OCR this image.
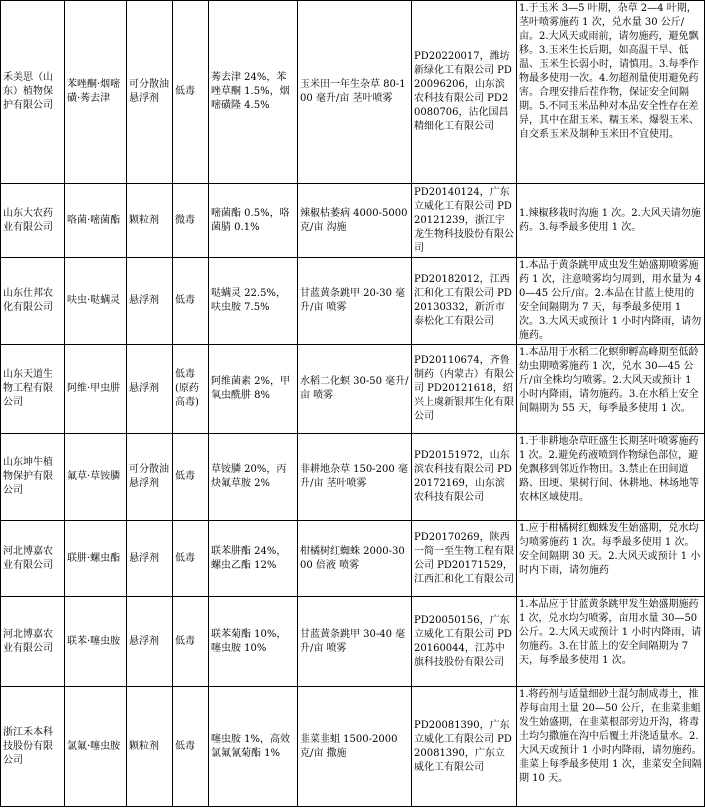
禾美思（山东）植物保护有限公司	苯唑酮·烟嘧磺·莠去津	可分散油悬浮剂	低毒	莠去津 24%，苯唑草酮 1.5%，烟嘧磺隆 4.5%	玉米田一年生杂草 80-100 毫升/亩 茎叶喷雾	PD20220017，潍坊新绿化工有限公司 PD20096206，山东滨农科技有限公司 PD20080706，沾化国昌精细化工有限公司	1.于玉米 3—5 叶期，杂草 2—4 叶期，茎叶喷雾施药 1 次，兑水量 30 公斤/亩。2.大风天或雨前，请勿施药，避免飘移。3.玉米生长后期，如高温干旱、低温、玉米生长弱小时，请慎用。3.每季作物最多使用一次。4.勿超剂量使用避免药害。合理安排后茬作物，保证安全间隔期。5.不同玉米品种对本品安全性存在差异，其中在甜玉米、糯玉米、爆裂玉米、自交系玉米及制种玉米田不宜使用。
山东大农药业有限公司	咯菌·嘧菌酯	颗粒剂	微毒	嘧菌酯 0.5%，咯菌腈 0.1%	辣椒枯萎病 4000-5000 克/亩 沟施	PD20140124，广东立威化工有限公司 PD20121239，浙江宇龙生物科技股份有限公司	1.辣椒移栽时沟施 1 次。2.大风天请勿施药。3.每季最多使用 1 次。
山东仕邦农化有限公司	呋虫·哒螨灵	悬浮剂	低毒	哒螨灵 22.5%，呋虫胺 7.5%	甘蓝黄条跳甲 20-30 毫升/亩 喷雾	PD20182012，江西汇和化工有限公司 PD20130332，新沂市泰松化工有限公司	1.本品于黄条跳甲成虫发生始盛期喷雾施药 1 次，注意喷雾均匀周到，用水量为 40—45 公斤/亩。2.本品在甘蓝上使用的安全间隔期为 7 天，每季最多使用 1 次。3.大风天或预计 1 小时内降雨，请勿施药。
山东天道生物工程有限公司	阿维·甲虫肼	悬浮剂	低毒(原药高毒)	阿维菌素 2%，甲氧虫酰肼 8%	水稻二化螟 30-50 毫升/亩 喷雾	PD20110674，齐鲁制药（内蒙古）有限公司 PD20121618，绍兴上虞新银邦生化有限公司	1.本品用于水稻二化螟卵孵高峰期至低龄幼虫期喷雾施药 1 次，兑水 30—45 公斤/亩全株均匀喷雾。2.大风天或预计 1 小时内降雨，请勿施药。3.在水稻上安全间隔期为 55 天，每季最多使用 1 次。
山东坤牛植物保护有限公司	氟草·草铵膦	可分散油悬浮剂	低毒	草铵膦 20%，丙炔氟草胺 2%	非耕地杂草 150-200 毫升/亩 茎叶喷雾	PD20151972，山东滨农科技有限公司 PD20172169，山东滨农科技有限公司	1.于非耕地杂草旺盛生长期茎叶喷雾施药 1 次。2.避免药液喷到作物绿色部位，避免飘移到邻近作物田。3.禁止在田间道路、田埂、果树行间、休耕地、林场地等农林区域使用。
河北博嘉农业有限公司	联肼·螺虫酯	悬浮剂	低毒	联苯肼酯 24%，螺虫乙酯 12%	柑橘树红蜘蛛 2000-3000 倍液 喷雾	PD20170269，陕西一简一至生物工程有限公司 PD20171529，江西汇和化工有限公司	1.应于柑橘树红蜘蛛发生始盛期，兑水均匀喷雾施药 1 次。每季最多使用 1 次。安全间隔期 30 天。2.大风天或预计 1 小时内下雨，请勿施药
河北博嘉农业有限公司	联苯·噻虫胺	悬浮剂	低毒	联苯菊酯 10%，噻虫胺 10%	甘蓝黄条跳甲 30-40 毫升/亩 喷雾	PD20050156，广东立威化工有限公司 PD20160044，江苏中旗科技股份有限公司	1.本品应于甘蓝黄条跳甲发生始盛期施药 1 次，兑水均匀喷雾，亩用水量 30—50 公斤。2.大风天或预计 1 小时内降雨，请勿施药。3.在甘蓝上的安全间隔期为 7 天，每季最多使用 1 次。
浙江禾本科技股份有限公司	氯氟·噻虫胺	颗粒剂	低毒	噻虫胺 1%，高效氯氟氰菊酯 1%	韭菜韭蛆 1500-2000 克/亩 撒施	PD20081390，广东立威化工有限公司 PD20081390，广东立威化工有限公司	1.将药剂与适量细砂土混匀制成毒土，推荐每亩用土量 20—50 公斤，在韭菜韭蛆发生始盛期，在韭菜根部旁边开沟，将毒土均匀撒施在沟中后覆土并浇适量水。2.大风天或预计 1 小时内降雨，请勿施药。韭菜上每季最多使用 1 次，韭菜安全间隔期 10 天。
